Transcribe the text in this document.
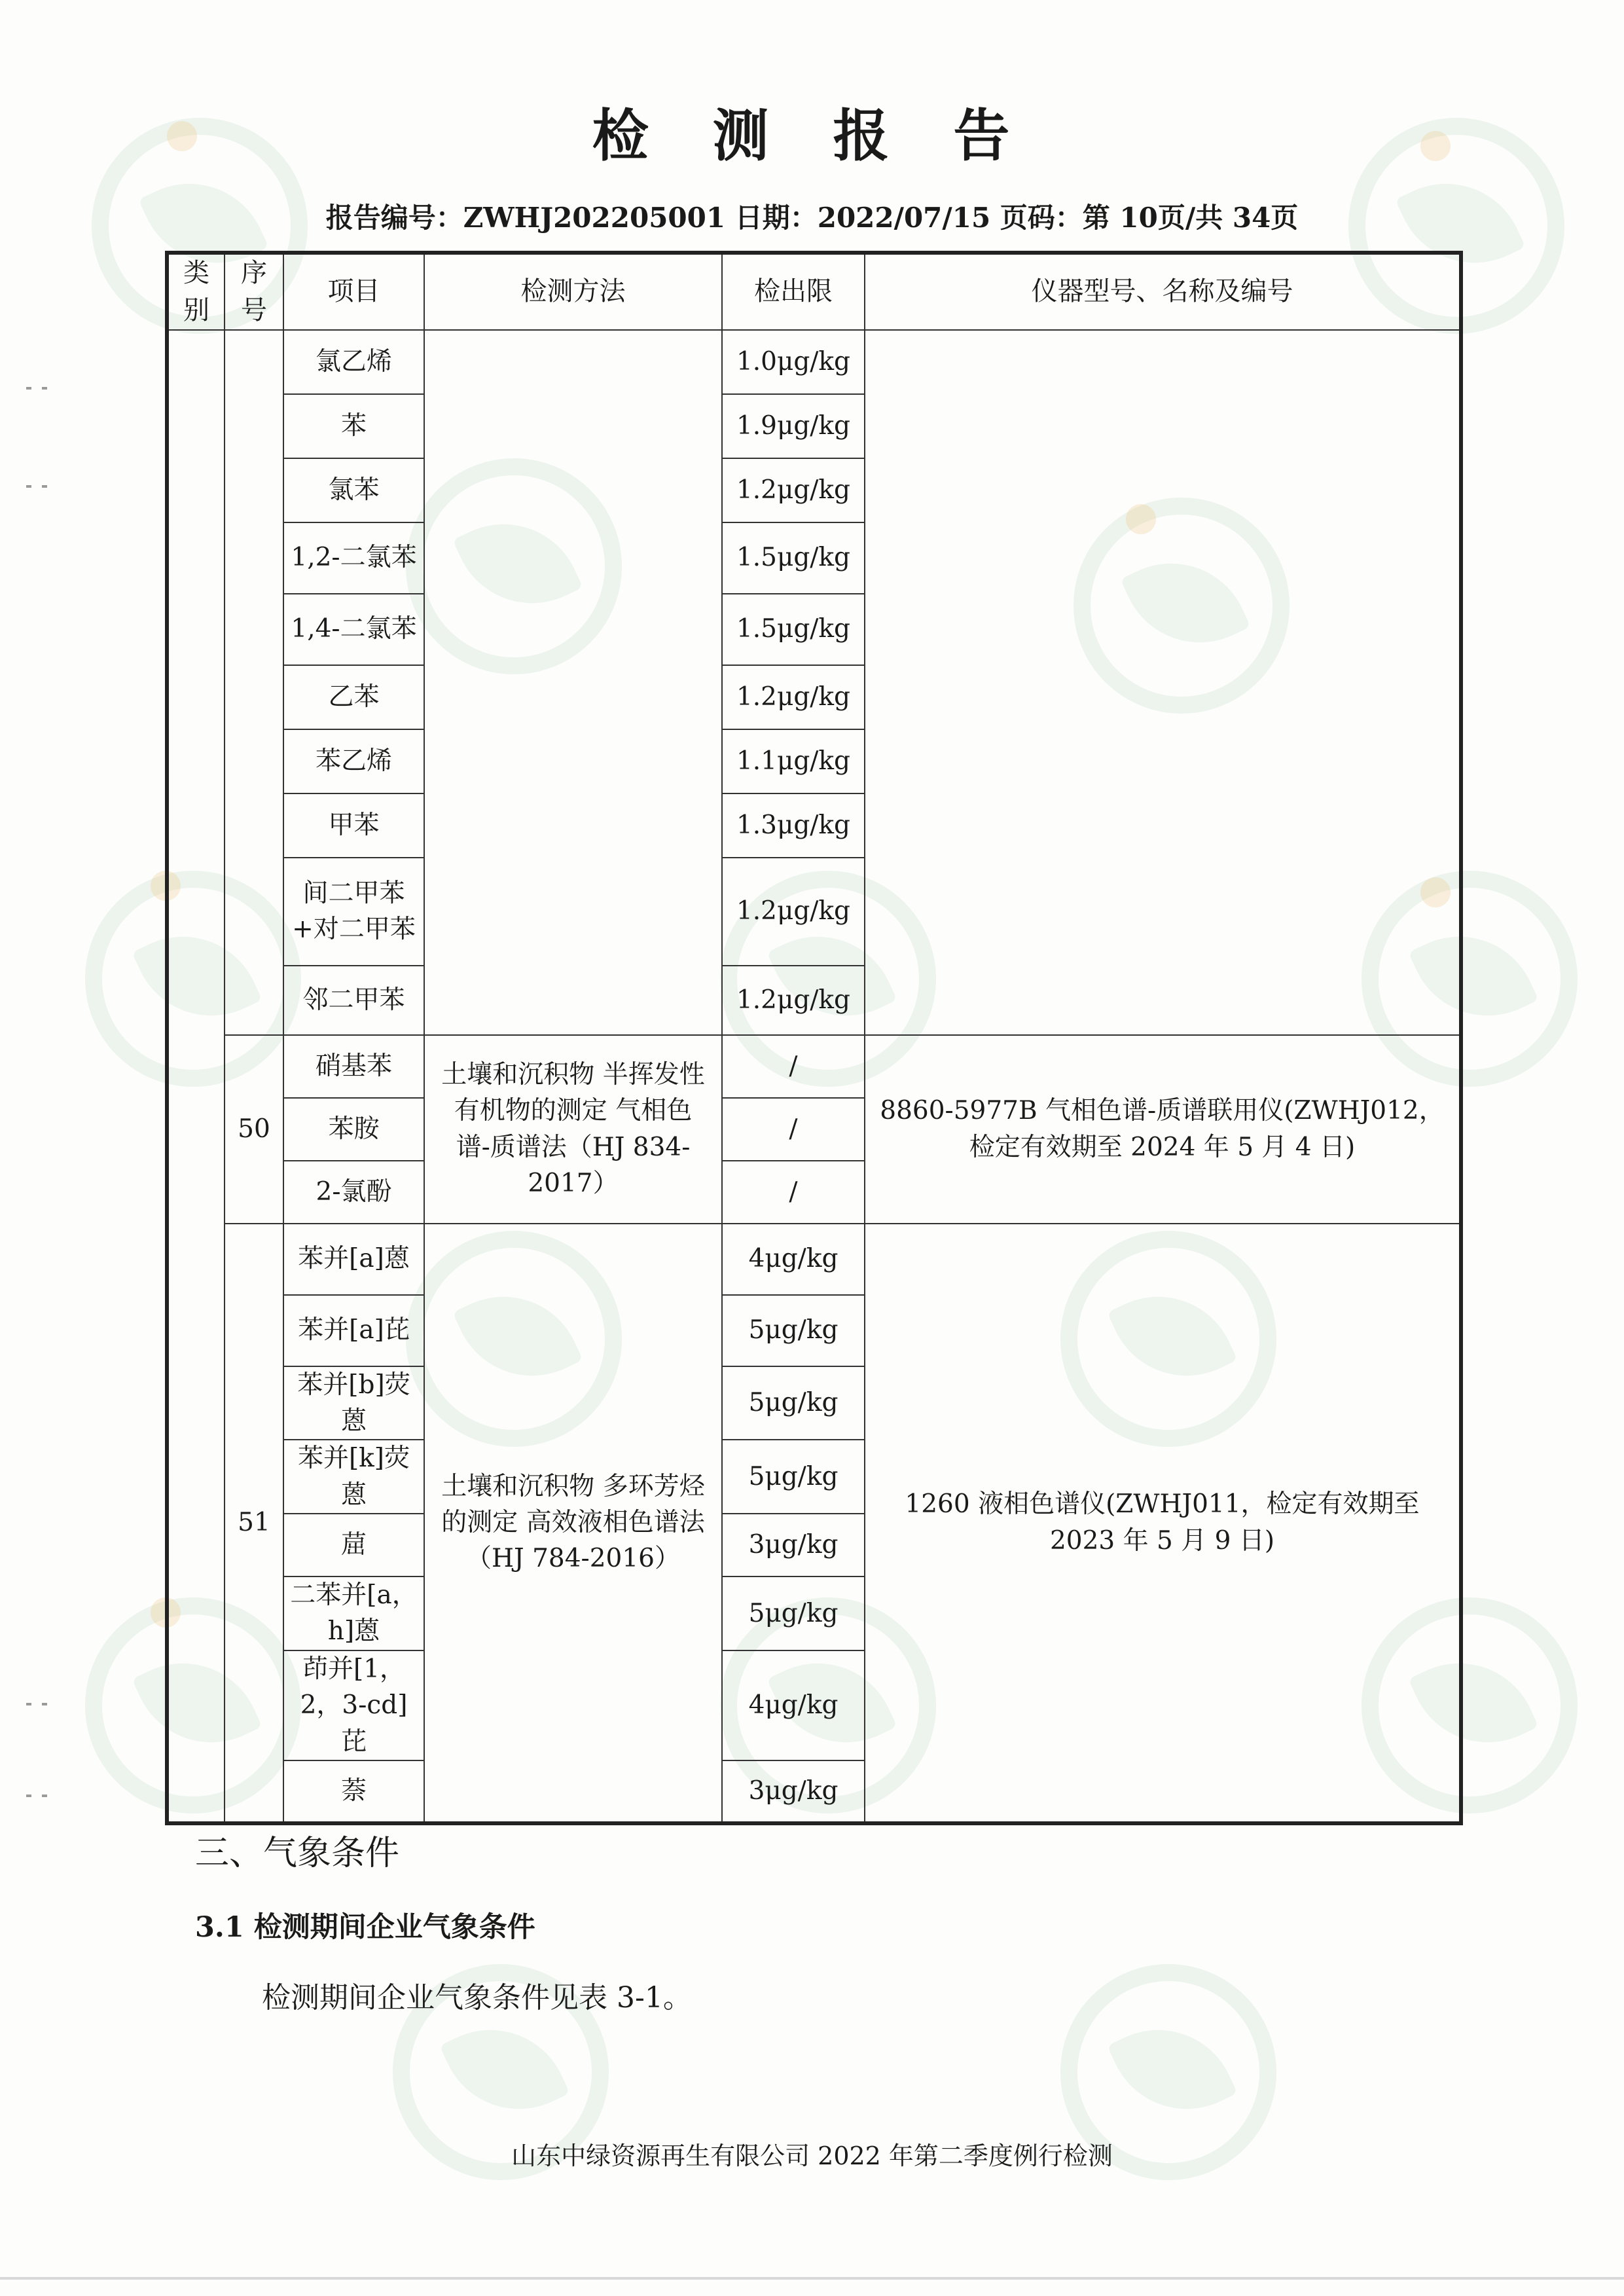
检 测 报 告
报告编号：ZWHJ202205001 日期：2022/07/15 页码：第 10页/共 34页
类别	序号	项目	检测方法	检出限	仪器型号、名称及编号
		氯乙烯		1.0μg/kg	
		苯		1.9μg/kg	
		氯苯		1.2μg/kg	
		1,2-二氯苯		1.5μg/kg	
		1,4-二氯苯		1.5μg/kg	
		乙苯		1.2μg/kg	
		苯乙烯		1.1μg/kg	
		甲苯		1.3μg/kg	
		间二甲苯+对二甲苯		1.2μg/kg	
		邻二甲苯		1.2μg/kg	
	50	硝基苯	土壤和沉积物 半挥发性有机物的测定 气相色谱-质谱法（HJ 834-2017）	/	8860-5977B 气相色谱-质谱联用仪(ZWHJ012，检定有效期至 2024 年 5 月 4 日)
		苯胺		/	
		2-氯酚		/	
	51	苯并[a]蒽	土壤和沉积物 多环芳烃的测定 高效液相色谱法（HJ 784-2016）	4μg/kg	1260 液相色谱仪(ZWHJ011，检定有效期至 2023 年 5 月 9 日)
		苯并[a]芘		5μg/kg	
		苯并[b]荧蒽		5μg/kg	
		苯并[k]荧蒽		5μg/kg	
		䓛		3μg/kg	
		二苯并[a，h]蒽		5μg/kg	
		茚并[1，2，3-cd]芘		4μg/kg	
		萘		3μg/kg	
三、气象条件
3.1 检测期间企业气象条件
检测期间企业气象条件见表 3-1。
山东中绿资源再生有限公司 2022 年第二季度例行检测
